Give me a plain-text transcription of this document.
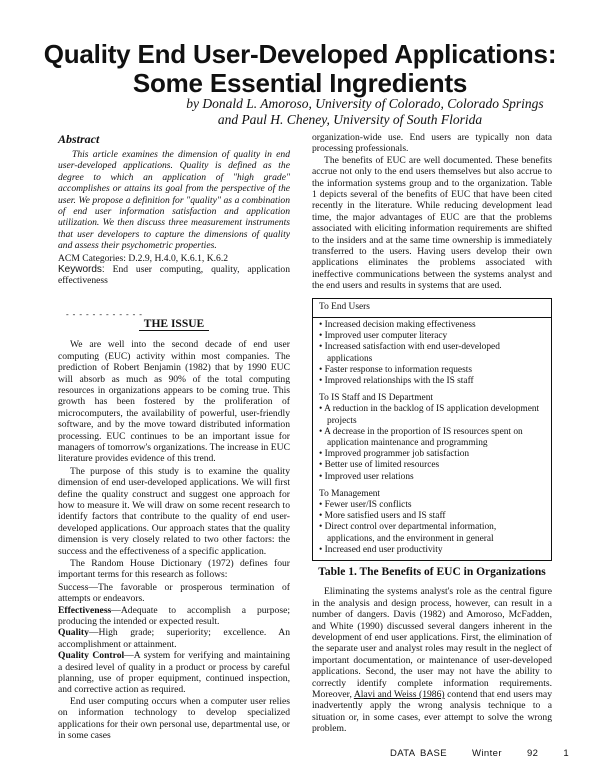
Quality End User-Developed Applications:
Some Essential Ingredients
by Donald L. Amoroso, University of Colorado, Colorado Springs
and Paul H. Cheney, University of South Florida
Abstract
This article examines the dimension of quality in end user-developed applications. Quality is defined as the degree to which an application of "high grade" accomplishes or attains its goal from the perspective of the user. We propose a definition for "quality" as a combination of end user information satisfaction and application utilization. We then discuss three measurement instruments that user developers to capture the dimensions of quality and assess their psychometric properties.
ACM Categories: D.2.9, H.4.0, K.6.1, K.6.2
Keywords: End user computing, quality, application effectiveness
- - - - - - - - - - - -
THE ISSUE

We are well into the second decade of end user computing (EUC) activity within most companies. The prediction of Robert Benjamin (1982) that by 1990 EUC will absorb as much as 90% of the total computing resources in organizations appears to be coming true. This growth has been fostered by the proliferation of microcomputers, the availability of powerful, user-friendly software, and by the move toward distributed information processing. EUC continues to be an important issue for managers of tomorrow's organizations. The increase in EUC literature provides evidence of this trend.

The purpose of this study is to examine the quality dimension of end user-developed applications. We will first define the quality construct and suggest one approach for how to measure it. We will draw on some recent research to identify factors that contribute to the quality of end user-developed applications. Our approach states that the quality dimension is very closely related to two other factors: the success and the effectiveness of a specific application.

The Random House Dictionary (1972) defines four important terms for this research as follows:

Success—The favorable or prosperous termination of attempts or endeavors.

Effectiveness—Adequate to accomplish a purpose; producing the intended or expected result.

Quality—High grade; superiority; excellence. An accomplishment or attainment.

Quality Control—A system for verifying and maintaining a desired level of quality in a product or process by careful planning, use of proper equipment, continued inspection, and corrective action as required.

End user computing occurs when a computer user relies on information technology to develop specialized applications for their own personal use, departmental use, or in some cases

organization-wide use. End users are typically non data processing professionals.

The benefits of EUC are well documented. These benefits accrue not only to the end users themselves but also accrue to the information systems group and to the organization. Table 1 depicts several of the benefits of EUC that have been cited recently in the literature. While reducing development lead time, the major advantages of EUC are that the problems associated with eliciting information requirements are shifted to the insiders and at the same time ownership is immediately transferred to the users. Having users develop their own applications eliminates the problems associated with ineffective communications between the systems analyst and the end users and results in systems that are used.

To End Users
• Increased decision making effectiveness
• Improved user computer literacy
• Increased satisfaction with end user-developed applications
• Faster response to information requests
• Improved relationships with the IS staff
To IS Staff and IS Department
• A reduction in the backlog of IS application development projects
• A decrease in the proportion of IS resources spent on application maintenance and programming
• Improved programmer job satisfaction
• Better use of limited resources
• Improved user relations
To Management
• Fewer user/IS conflicts
• More satisfied users and IS staff
• Direct control over departmental information, applications, and the environment in general
• Increased end user productivity
Table 1. The Benefits of EUC in Organizations

Eliminating the systems analyst's role as the central figure in the analysis and design process, however, can result in a number of dangers. Davis (1982) and Amoroso, McFadden, and White (1990) discussed several dangers inherent in the development of end user applications. First, the elimination of the separate user and analyst roles may result in the neglect of important documentation, or maintenance of user-developed applications. Second, the user may not have the ability to correctly identify complete information requirements. Moreover, Alavi and Weiss (1986) contend that end users may inadvertently apply the wrong analysis technique to a situation or, in some cases, ever attempt to solve the wrong problem.

DATA BASE	Winter	92	1
